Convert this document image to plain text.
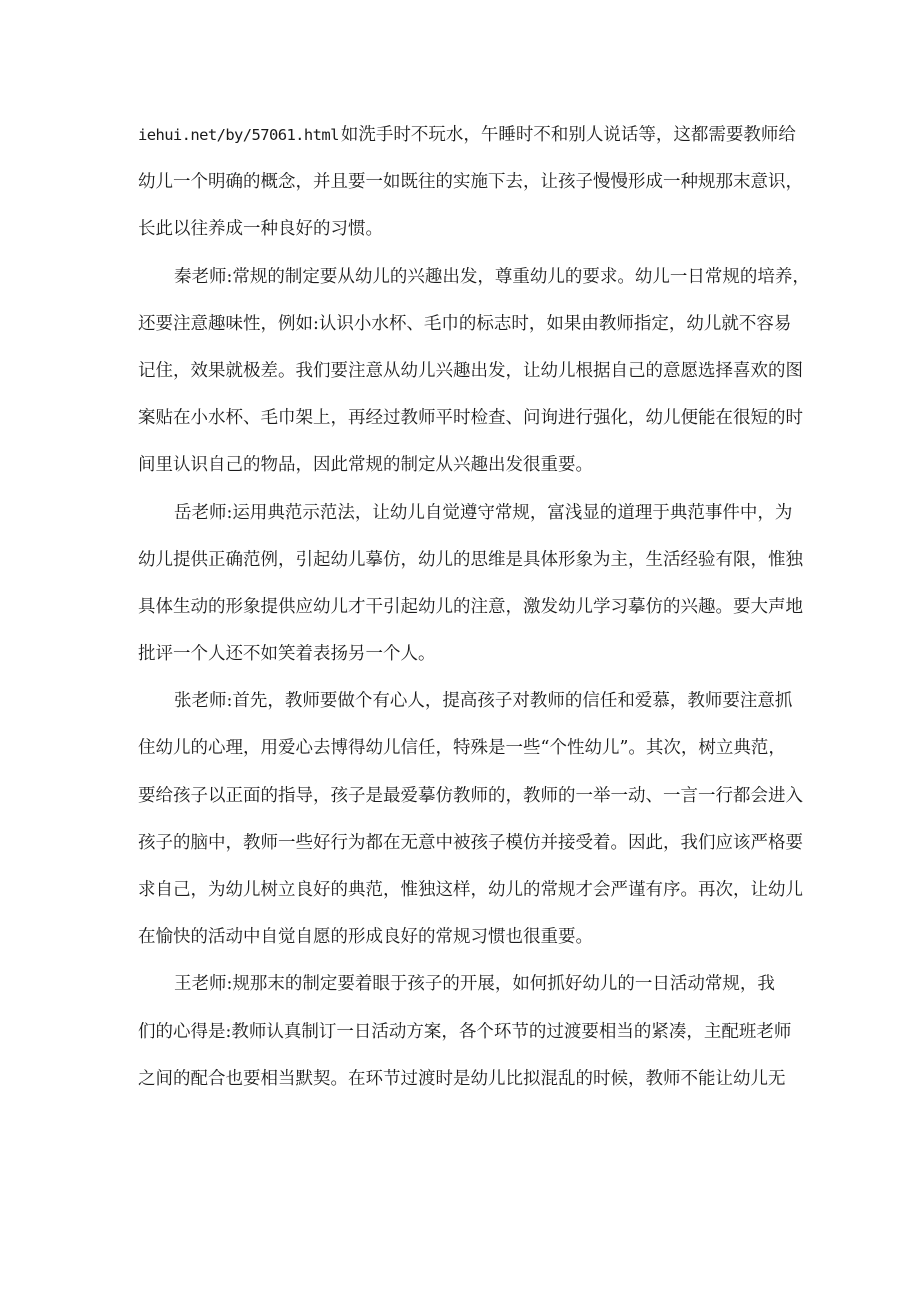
iehui.net/by/57061.html 如洗手时不玩水，午睡时不和别人说话等，这都需要教师给
幼儿一个明确的概念，并且要一如既往的实施下去，让孩子慢慢形成一种规那末意识，
长此以往养成一种良好的习惯。
秦老师:常规的制定要从幼儿的兴趣出发，尊重幼儿的要求。幼儿一日常规的培养，
还要注意趣味性，例如:认识小水杯、毛巾的标志时，如果由教师指定，幼儿就不容易
记住，效果就极差。我们要注意从幼儿兴趣出发，让幼儿根据自己的意愿选择喜欢的图
案贴在小水杯、毛巾架上，再经过教师平时检查、问询进行强化，幼儿便能在很短的时
间里认识自己的物品，因此常规的制定从兴趣出发很重要。
岳老师:运用典范示范法，让幼儿自觉遵守常规，富浅显的道理于典范事件中，为
幼儿提供正确范例，引起幼儿摹仿，幼儿的思维是具体形象为主，生活经验有限，惟独
具体生动的形象提供应幼儿才干引起幼儿的注意，激发幼儿学习摹仿的兴趣。要大声地
批评一个人还不如笑着表扬另一个人。
张老师:首先，教师要做个有心人，提高孩子对教师的信任和爱慕，教师要注意抓
住幼儿的心理，用爱心去博得幼儿信任，特殊是一些“个性幼儿”。其次，树立典范，
要给孩子以正面的指导，孩子是最爱摹仿教师的，教师的一举一动、一言一行都会进入
孩子的脑中，教师一些好行为都在无意中被孩子模仿并接受着。因此，我们应该严格要
求自己，为幼儿树立良好的典范，惟独这样，幼儿的常规才会严谨有序。再次，让幼儿
在愉快的活动中自觉自愿的形成良好的常规习惯也很重要。
王老师:规那末的制定要着眼于孩子的开展，如何抓好幼儿的一日活动常规，我
们的心得是:教师认真制订一日活动方案，各个环节的过渡要相当的紧凑，主配班老师
之间的配合也要相当默契。在环节过渡时是幼儿比拟混乱的时候，教师不能让幼儿无
